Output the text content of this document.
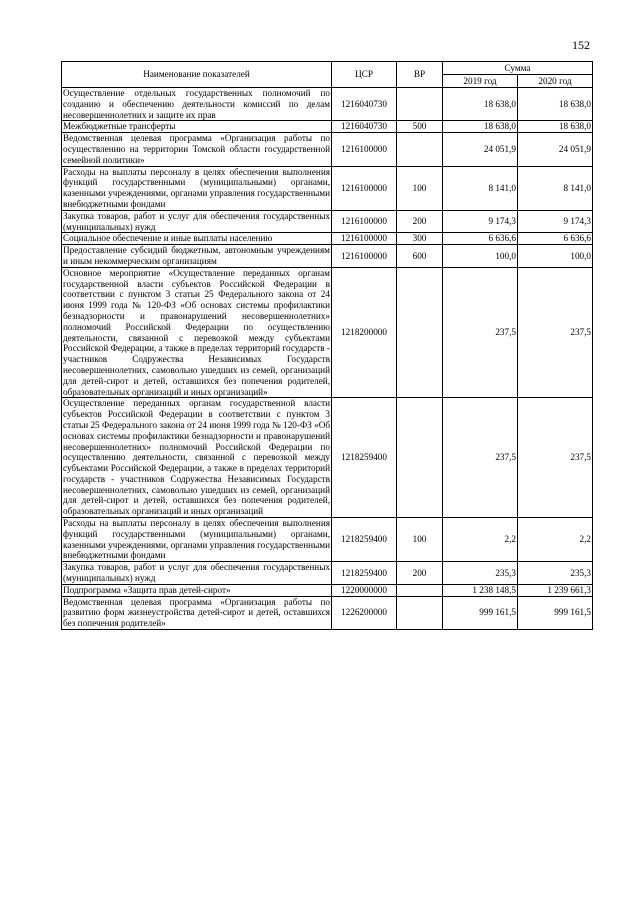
152
Наименование показателей	ЦСР	ВР	Сумма	
			2019 год	2020 год
Осуществление отдельных государственных полномочий по созданию и обеспечению деятельности комиссий по делам несовершеннолетних и защите их прав	1216040730		18 638,0	18 638,0
Межбюджетные трансферты	1216040730	500	18 638,0	18 638,0
Ведомственная целевая программа «Организация работы по осуществлению на территории Томской области государственной семейной политики»	1216100000		24 051,9	24 051,9
Расходы на выплаты персоналу в целях обеспечения выполнения функций государственными (муниципальными) органами, казенными учреждениями, органами управления государственными внебюджетными фондами	1216100000	100	8 141,0	8 141,0
Закупка товаров, работ и услуг для обеспечения государственных (муниципальных) нужд	1216100000	200	9 174,3	9 174,3
Социальное обеспечение и иные выплаты населению	1216100000	300	6 636,6	6 636,6
Предоставление субсидий бюджетным, автономным учреждениям и иным некоммерческим организациям	1216100000	600	100,0	100,0
Основное мероприятие «Осуществление переданных органам государственной власти субъектов Российской Федерации в соответствии с пунктом 3 статьи 25 Федерального закона от 24 июня 1999 года № 120-ФЗ «Об основах системы профилактики безнадзорности и правонарушений несовершеннолетних» полномочий Российской Федерации по осуществлению деятельности, связанной с перевозкой между субъектами Российской Федерации, а также в пределах территорий государств - участников Содружества Независимых Государств несовершеннолетних, самовольно ушедших из семей, организаций для детей-сирот и детей, оставшихся без попечения родителей, образовательных организаций и иных организаций»	1218200000		237,5	237,5
Осуществление переданных органам государственной власти субъектов Российской Федерации в соответствии с пунктом 3 статьи 25 Федерального закона от 24 июня 1999 года № 120-ФЗ «Об основах системы профилактики безнадзорности и правонарушений несовершеннолетних» полномочий Российской Федерации по осуществлению деятельности, связанной с перевозкой между субъектами Российской Федерации, а также в пределах территорий государств - участников Содружества Независимых Государств несовершеннолетних, самовольно ушедших из семей, организаций для детей-сирот и детей, оставшихся без попечения родителей, образовательных организаций и иных организаций	1218259400		237,5	237,5
Расходы на выплаты персоналу в целях обеспечения выполнения функций государственными (муниципальными) органами, казенными учреждениями, органами управления государственными внебюджетными фондами	1218259400	100	2,2	2,2
Закупка товаров, работ и услуг для обеспечения государственных (муниципальных) нужд	1218259400	200	235,3	235,3
Подпрограмма «Защита прав детей-сирот»	1220000000		1 238 148,5	1 239 661,3
Ведомственная целевая программа «Организация работы по развитию форм жизнеустройства детей-сирот и детей, оставшихся без попечения родителей»	1226200000		999 161,5	999 161,5
